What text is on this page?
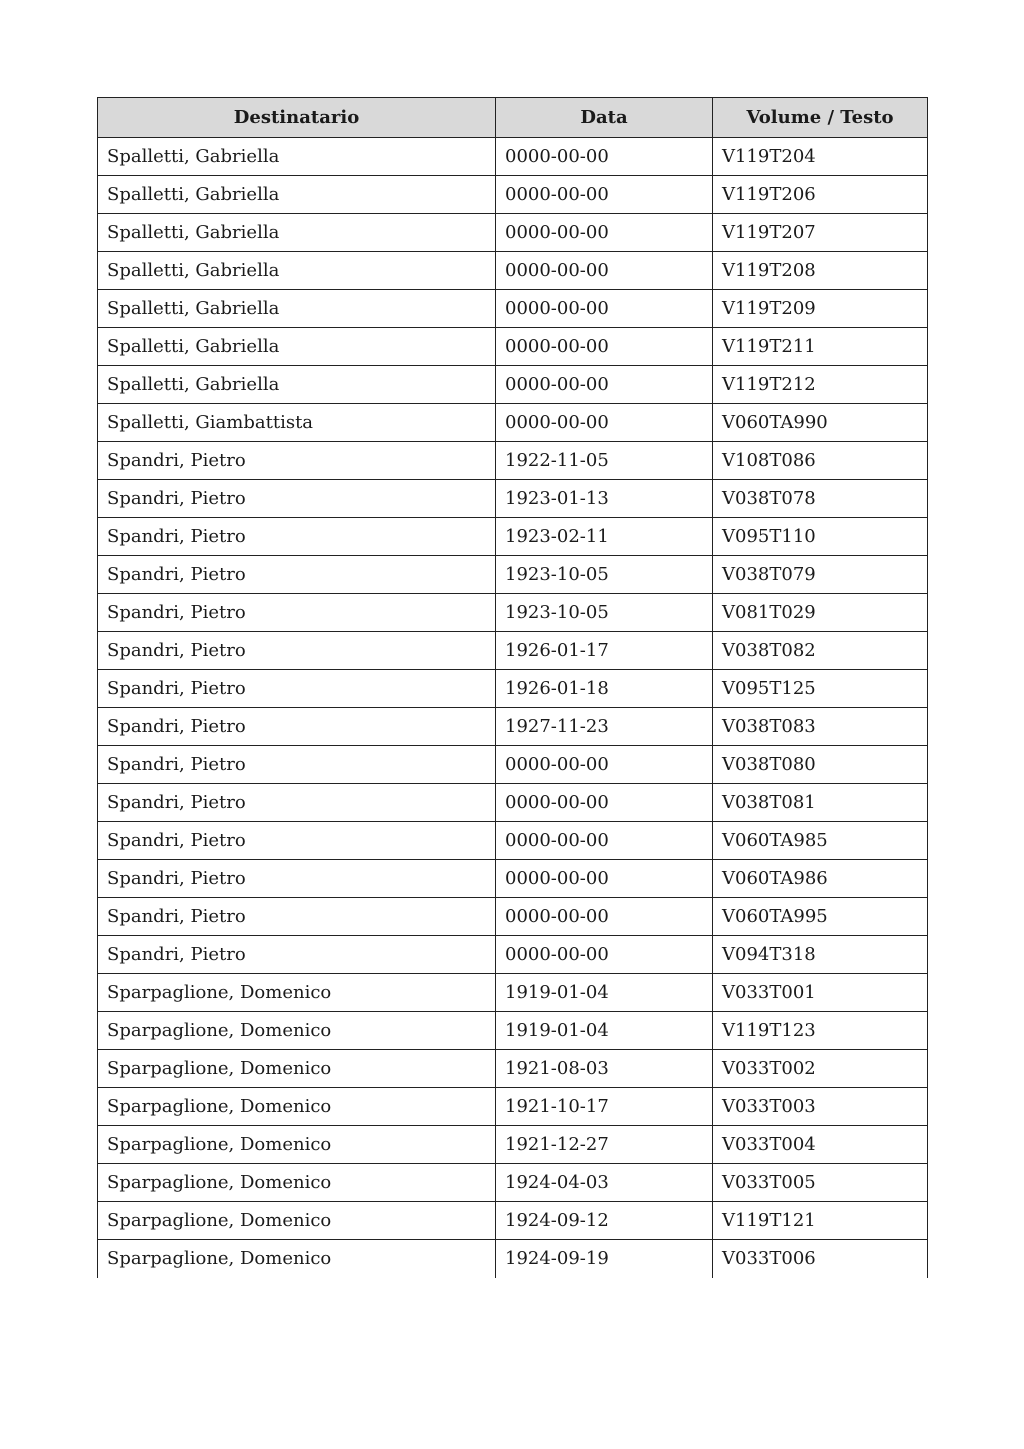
Destinatario	Data	Volume / Testo
Spalletti, Gabriella	0000-00-00	V119T204
Spalletti, Gabriella	0000-00-00	V119T206
Spalletti, Gabriella	0000-00-00	V119T207
Spalletti, Gabriella	0000-00-00	V119T208
Spalletti, Gabriella	0000-00-00	V119T209
Spalletti, Gabriella	0000-00-00	V119T211
Spalletti, Gabriella	0000-00-00	V119T212
Spalletti, Giambattista	0000-00-00	V060TA990
Spandri, Pietro	1922-11-05	V108T086
Spandri, Pietro	1923-01-13	V038T078
Spandri, Pietro	1923-02-11	V095T110
Spandri, Pietro	1923-10-05	V038T079
Spandri, Pietro	1923-10-05	V081T029
Spandri, Pietro	1926-01-17	V038T082
Spandri, Pietro	1926-01-18	V095T125
Spandri, Pietro	1927-11-23	V038T083
Spandri, Pietro	0000-00-00	V038T080
Spandri, Pietro	0000-00-00	V038T081
Spandri, Pietro	0000-00-00	V060TA985
Spandri, Pietro	0000-00-00	V060TA986
Spandri, Pietro	0000-00-00	V060TA995
Spandri, Pietro	0000-00-00	V094T318
Sparpaglione, Domenico	1919-01-04	V033T001
Sparpaglione, Domenico	1919-01-04	V119T123
Sparpaglione, Domenico	1921-08-03	V033T002
Sparpaglione, Domenico	1921-10-17	V033T003
Sparpaglione, Domenico	1921-12-27	V033T004
Sparpaglione, Domenico	1924-04-03	V033T005
Sparpaglione, Domenico	1924-09-12	V119T121
Sparpaglione, Domenico	1924-09-19	V033T006
